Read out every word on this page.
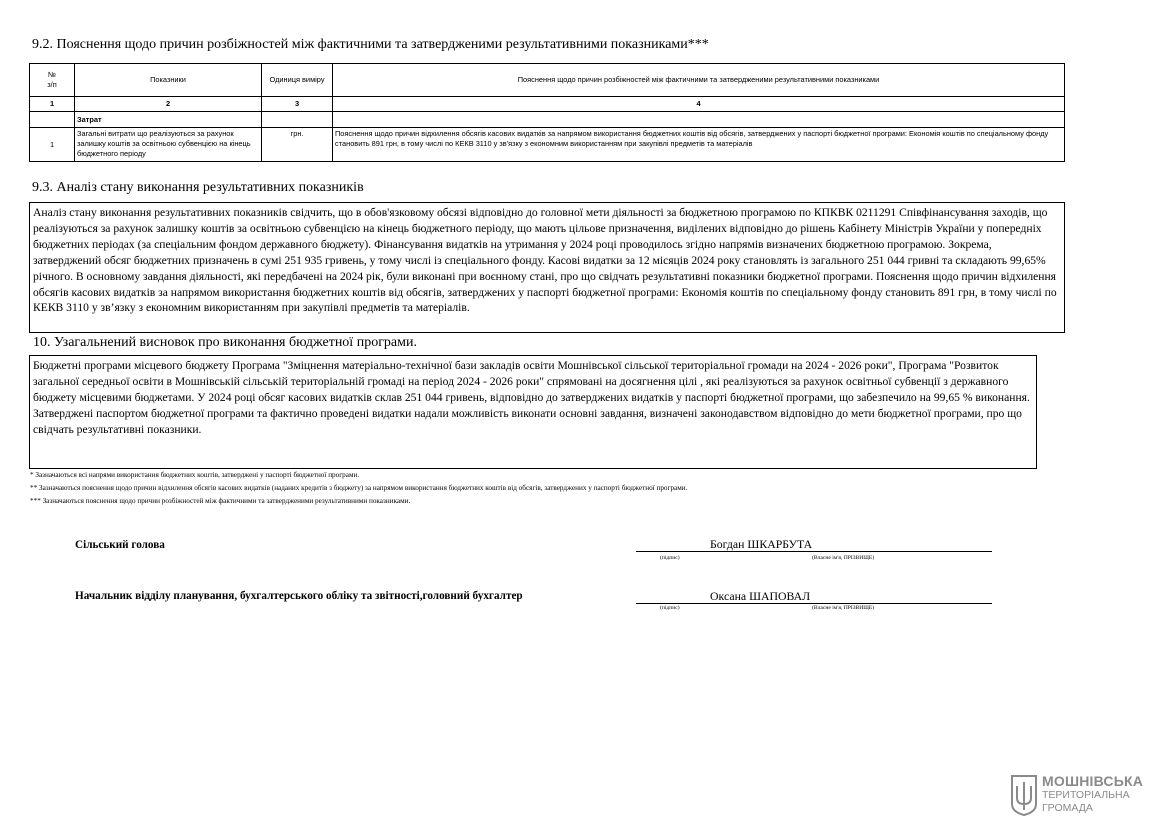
9.2. Пояснення щодо причин розбіжностей між фактичними та затвердженими результативними показниками***
№
з/п	Показники	Одиниця виміру	Пояснення щодо причин розбіжностей між фактичними та затвердженими результативними показниками
1	2	3	4
	Затрат		
1	Загальні витрати що реалізуються за рахунок залишку коштів за освітньою субвенцією на кінець бюджетного періоду	грн.	Пояснення щодо причин відхилення обсягів касових видатків за напрямом використання бюджетних коштів від обсягів, затверджених у паспорті бюджетної програми: Економія коштів по спеціальному фонду становить 891 грн, в тому числі по КЕКВ 3110 у зв'язку з економним використанням при закупівлі предметів та матеріалів
9.3. Аналіз стану виконання результативних показників
Аналіз стану виконання результативних показників свідчить, що в обов'язковому обсязі відповідно до головної мети діяльності за бюджетною програмою по КПКВК 0211291 Співфінансування заходів, що реалізуються за рахунок залишку коштів за освітньою субвенцією на кінець бюджетного періоду, що мають цільове призначення, виділених відповідно до рішень Кабінету Міністрів України у попередніх бюджетних періодах (за спеціальним фондом державного бюджету). Фінансування видатків на утримання у 2024 році проводилось згідно напрямів визначених бюджетною програмою. Зокрема, затверджений обсяг бюджетних призначень в сумі 251 935 гривень, у тому числі із спеціального фонду. Касові видатки за 12 місяців 2024 року становлять із загального 251 044 гривні та складають 99,65% річного. В основному завдання діяльності, які передбачені на 2024 рік, були виконані при воєнному стані, про що свідчать результативні показники бюджетної програми. Пояснення щодо причин відхилення обсягів касових видатків за напрямом використання бюджетних коштів від обсягів, затверджених у паспорті бюджетної програми: Економія коштів по спеціальному фонду становить 891 грн, в тому числі по КЕКВ 3110 у зв’язку з економним використанням при закупівлі предметів та матеріалів.
10. Узагальнений висновок про виконання бюджетної програми.
Бюджетні програми місцевого бюджету Програма "Зміцнення матеріально-технічної бази закладів освіти Мошнівської сільської територіальної громади на 2024 - 2026 роки", Програма "Розвиток загальної середньої освіти в Мошнівській сільській територіальній громаді на період 2024 - 2026 роки" спрямовані на досягнення цілі , які реалізуються за рахунок освітньої субвенції з державного бюджету місцевими бюджетами. У 2024 році обсяг касових видатків склав 251 044 гривень, відповідно до затверджених видатків у паспорті бюджетної програми, що забезпечило на 99,65 % виконання.
Затверджені паспортом бюджетної програми та фактично проведені видатки надали можливість виконати основні завдання, визначені законодавством відповідно до мети бюджетної програми, про що свідчать результативні показники.
* Зазначаються всі напрями використання бюджетних коштів, затверджені у паспорті бюджетної програми.
** Зазначаються пояснення щодо причин відхилення обсягів касових видатків (наданих кредитів з бюджету) за напрямом використання бюджетних коштів від обсягів, затверджених у паспорті бюджетної програми.
*** Зазначаються пояснення щодо причин розбіжностей між фактичними та затвердженими результативними показниками.
Сільський голова	Богдан ШКАРБУТА
(підпис)	(Власне ім'я, ПРІЗВИЩЕ)
Начальник відділу планування, бухгалтерського обліку та звітності,головний бухгалтер	Оксана ШАПОВАЛ
(підпис)	(Власне ім'я, ПРІЗВИЩЕ)
МОШНІВСЬКА
ТЕРИТОРІАЛЬНА
ГРОМАДА
